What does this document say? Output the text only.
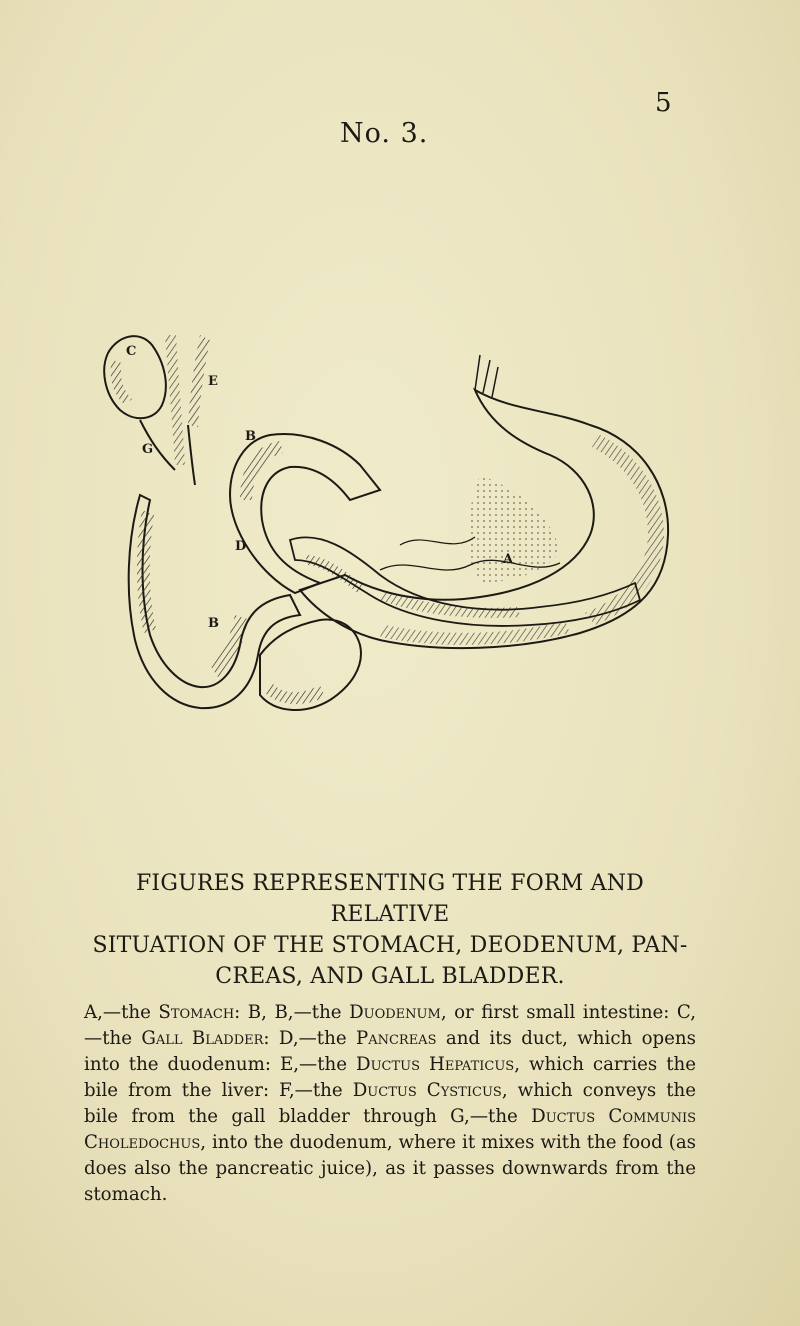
5
No. 3.
C
E
G
B
D
B
A
FIGURES REPRESENTING THE FORM AND RELATIVE
SITUATION OF THE STOMACH, DEODENUM, PAN-
CREAS, AND GALL BLADDER.
A,—the Stomach: B, B,—the Duodenum, or first small intestine: C,—the Gall Bladder: D,—the Pancreas and its duct, which opens into the duodenum: E,—the Ductus Hepaticus, which carries the bile from the liver: F,—the Ductus Cysticus, which conveys the bile from the gall bladder through G,—the Ductus Communis Choledochus, into the duodenum, where it mixes with the food (as does also the pancreatic juice), as it passes downwards from the stomach.
